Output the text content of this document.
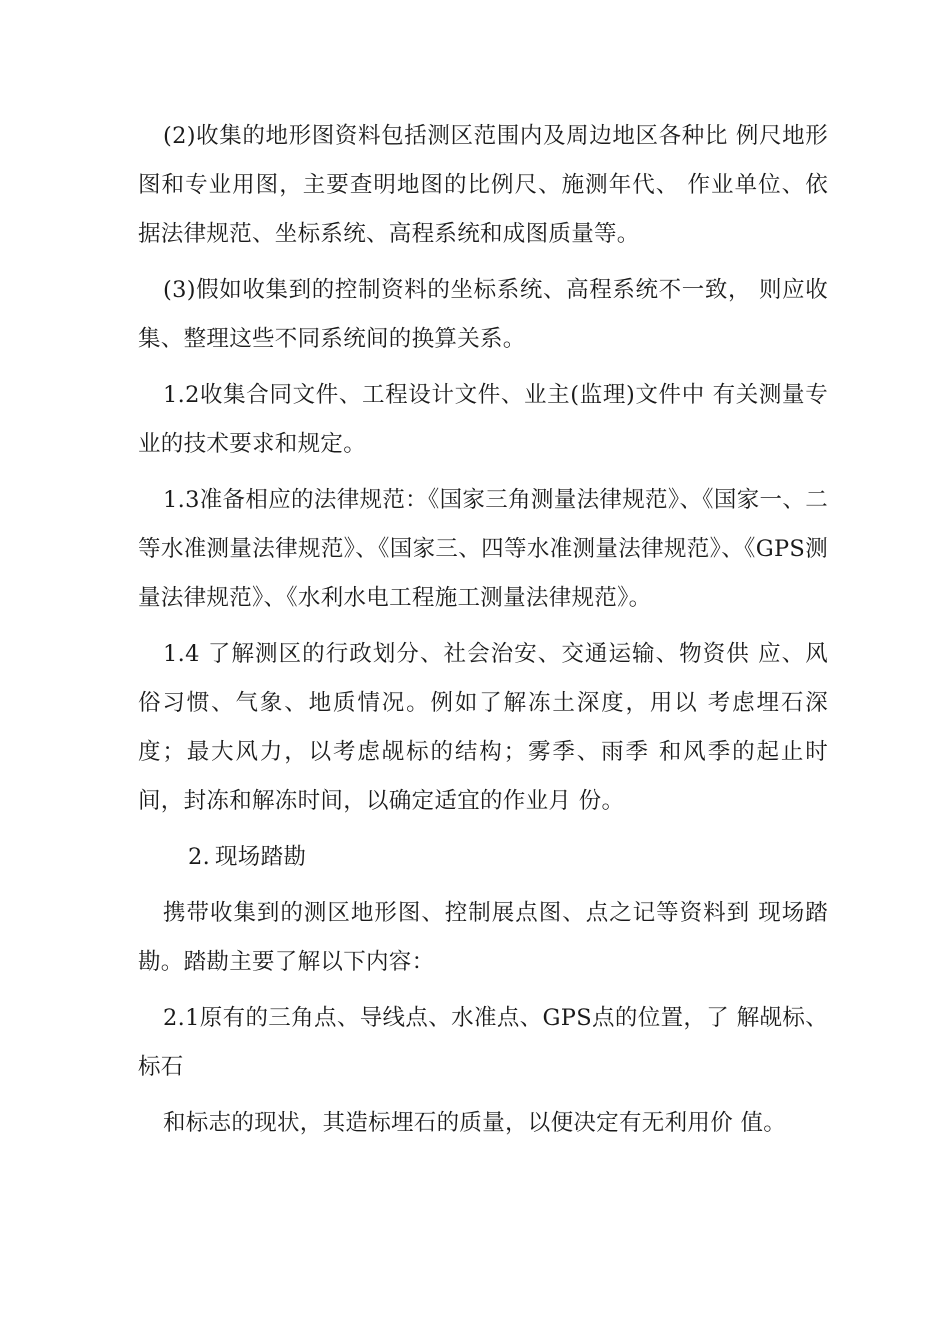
(2)收集的地形图资料包括测区范围内及周边地区各种比 例尺地形图和专业用图，主要查明地图的比例尺、施测年代、 作业单位、依据法律规范、坐标系统、高程系统和成图质量等。

(3)假如收集到的控制资料的坐标系统、高程系统不一致， 则应收集、整理这些不同系统间的换算关系。

1.2收集合同文件、工程设计文件、业主(监理)文件中 有关测量专业的技术要求和规定。

1.3准备相应的法律规范：《国家三角测量法律规范》、《国家一、二 等水准测量法律规范》、《国家三、四等水准测量法律规范》、《GPS测 量法律规范》、《水利水电工程施工测量法律规范》。

1.4 了解测区的行政划分、社会治安、交通运输、物资供 应、风俗习惯、气象、地质情况。例如了解冻土深度，用以 考虑埋石深度；最大风力，以考虑觇标的结构；雾季、雨季 和风季的起止时间，封冻和解冻时间，以确定适宜的作业月 份。

2. 现场踏勘

携带收集到的测区地形图、控制展点图、点之记等资料到 现场踏勘。踏勘主要了解以下内容：

2.1原有的三角点、导线点、水准点、GPS点的位置，了 解觇标、标石

和标志的现状，其造标埋石的质量，以便决定有无利用价 值。
